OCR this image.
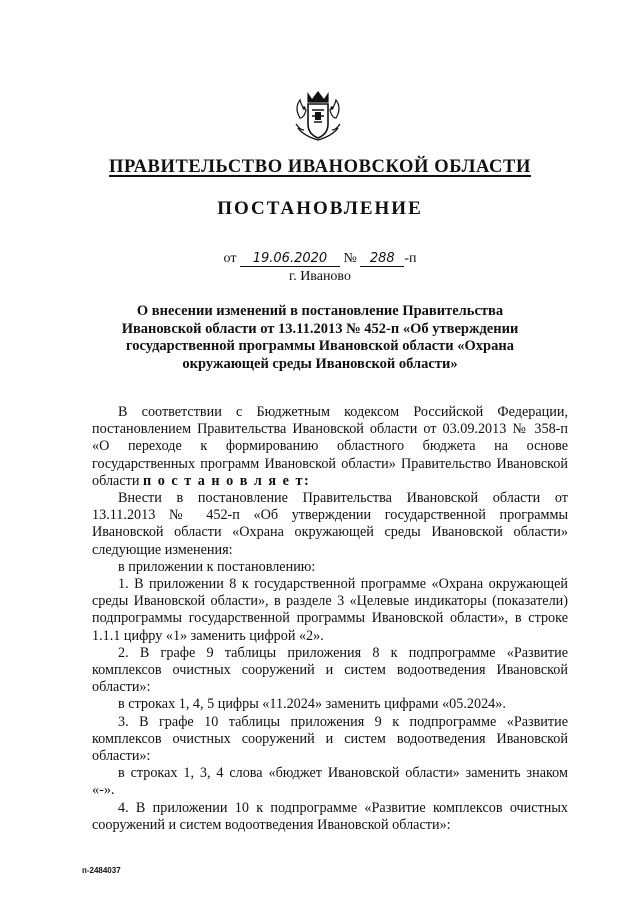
ПРАВИТЕЛЬСТВО ИВАНОВСКОЙ ОБЛАСТИ
ПОСТАНОВЛЕНИЕ
от 19.06.2020 № 288 -п
г. Иваново
О внесении изменений в постановление Правительства Ивановской области от 13.11.2013 № 452-п «Об утверждении государственной программы Ивановской области «Охрана окружающей среды Ивановской области»

В соответствии с Бюджетным кодексом Российской Федерации, постановлением Правительства Ивановской области от 03.09.2013 № 358-п «О переходе к формированию областного бюджета на основе государственных программ Ивановской области» Правительство Ивановской области п о с т а н о в л я е т:

Внести в постановление Правительства Ивановской области от 13.11.2013 № 452-п «Об утверждении государственной программы Ивановской области «Охрана окружающей среды Ивановской области» следующие изменения:

в приложении к постановлению:

1. В приложении 8 к государственной программе «Охрана окружающей среды Ивановской области», в разделе 3 «Целевые индикаторы (показатели) подпрограммы государственной программы Ивановской области», в строке 1.1.1 цифру «1» заменить цифрой «2».

2. В графе 9 таблицы приложения 8 к подпрограмме «Развитие комплексов очистных сооружений и систем водоотведения Ивановской области»:

в строках 1, 4, 5 цифры «11.2024» заменить цифрами «05.2024».

3. В графе 10 таблицы приложения 9 к подпрограмме «Развитие комплексов очистных сооружений и систем водоотведения Ивановской области»:

в строках 1, 3, 4 слова «бюджет Ивановской области» заменить знаком «-».

4. В приложении 10 к подпрограмме «Развитие комплексов очистных сооружений и систем водоотведения Ивановской области»:

п-2484037
